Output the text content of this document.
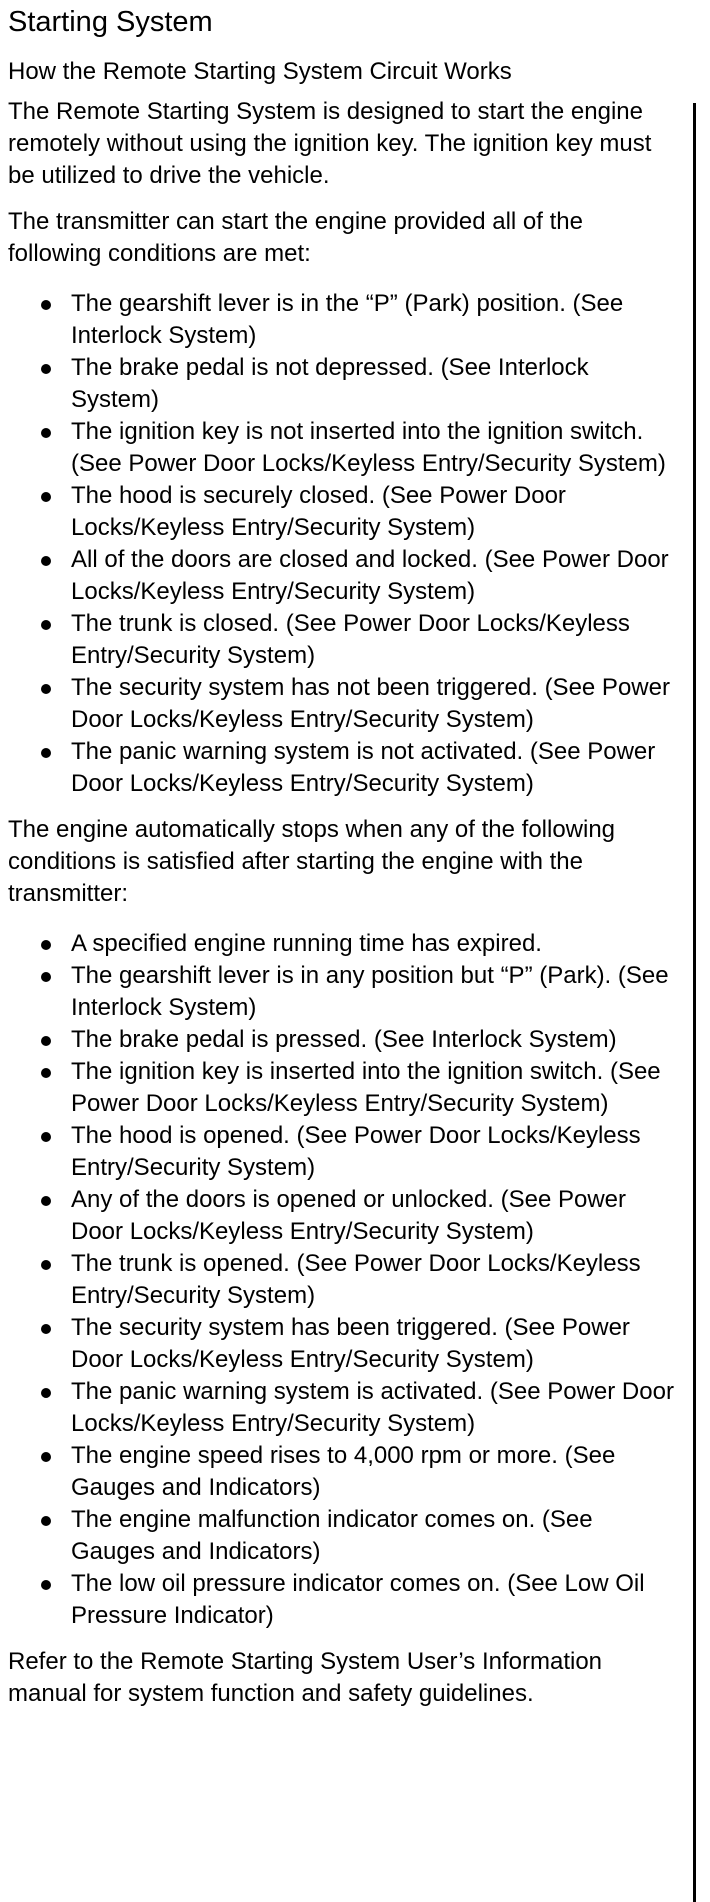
Starting System
How the Remote Starting System Circuit Works

The Remote Starting System is designed to start the engine remotely without using the ignition key. The ignition key must be utilized to drive the vehicle.

The transmitter can start the engine provided all of the following conditions are met:

The gearshift lever is in the “P” (Park) position. (See Interlock System)
The brake pedal is not depressed. (See Interlock System)
The ignition key is not inserted into the ignition switch. (See Power Door Locks/Keyless Entry/Security System)
The hood is securely closed. (See Power Door Locks/Keyless Entry/Security System)
All of the doors are closed and locked. (See Power Door Locks/Keyless Entry/Security System)
The trunk is closed. (See Power Door Locks/Keyless Entry/Security System)
The security system has not been triggered. (See Power Door Locks/Keyless Entry/Security System)
The panic warning system is not activated. (See Power Door Locks/Keyless Entry/Security System)

The engine automatically stops when any of the following conditions is satisfied after starting the engine with the transmitter:

A specified engine running time has expired.
The gearshift lever is in any position but “P” (Park). (See Interlock System)
The brake pedal is pressed. (See Interlock System)
The ignition key is inserted into the ignition switch. (See Power Door Locks/Keyless Entry/Security System)
The hood is opened. (See Power Door Locks/Keyless Entry/Security System)
Any of the doors is opened or unlocked. (See Power Door Locks/Keyless Entry/Security System)
The trunk is opened. (See Power Door Locks/Keyless Entry/Security System)
The security system has been triggered. (See Power Door Locks/Keyless Entry/Security System)
The panic warning system is activated. (See Power Door Locks/Keyless Entry/Security System)
The engine speed rises to 4,000 rpm or more. (See Gauges and Indicators)
The engine malfunction indicator comes on. (See Gauges and Indicators)
The low oil pressure indicator comes on. (See Low Oil Pressure Indicator)

Refer to the Remote Starting System User’s Information manual for system function and safety guidelines.
